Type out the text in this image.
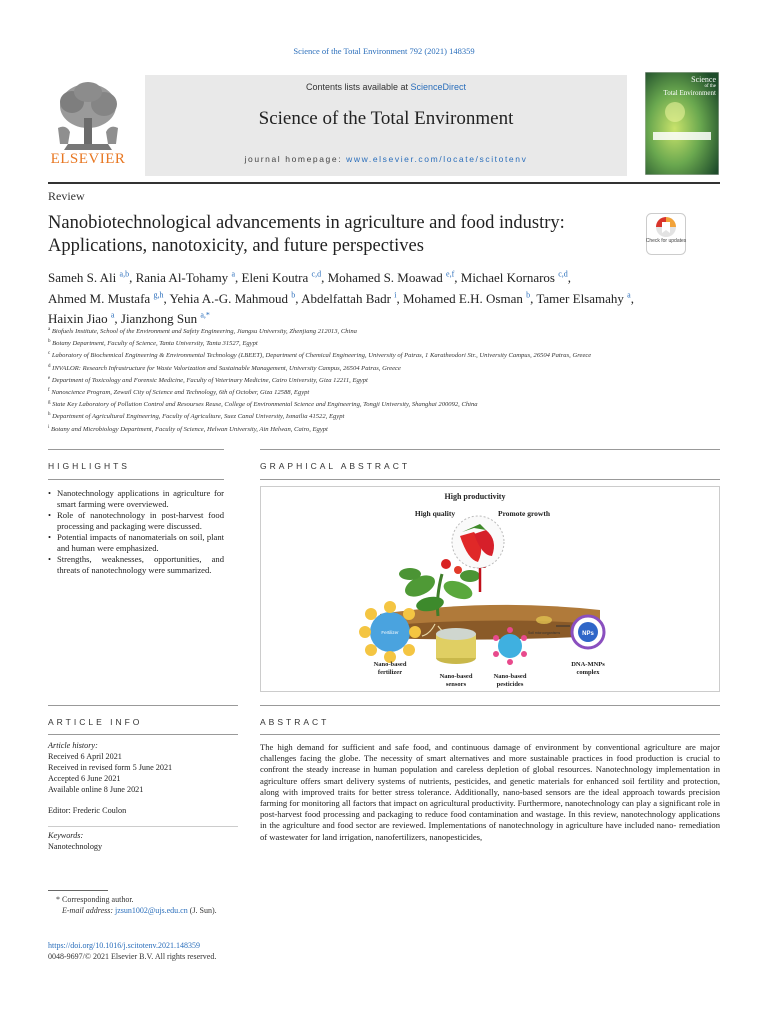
Science of the Total Environment 792 (2021) 148359
Contents lists available at ScienceDirect
Science of the Total Environment
journal homepage: www.elsevier.com/locate/scitotenv
ELSEVIER
Science
of the
Total Environment
Review
Nanobiotechnological advancements in agriculture and food industry:
Applications, nanotoxicity, and future perspectives	Check for updates
Sameh S. Ali $^{a,b}$, Rania Al-Tohamy $^a$, Eleni Koutra $^{c,d}$, Mohamed S. Moawad $^{e,f}$, Michael Kornaros $^{c,d}$,
Ahmed M. Mustafa $^{g,h}$, Yehia A.-G. Mahmoud $^b$, Abdelfattah Badr $^i$, Mohamed E.H. Osman $^b$, Tamer Elsamahy $^a$,
Haixin Jiao $^a$, Jianzhong Sun $^{a,*}$
$^a$ Biofuels Institute, School of the Environment and Safety Engineering, Jiangsu University, Zhenjiang 212013, China
$^b$ Botany Department, Faculty of Science, Tanta University, Tanta 31527, Egypt
$^c$ Laboratory of Biochemical Engineering & Environmental Technology (LBEET), Department of Chemical Engineering, University of Patras, 1 Karatheodori Str., University Campus, 26504 Patras, Greece
$^d$ INVALOR: Research Infrastructure for Waste Valorization and Sustainable Management, University Campus, 26504 Patras, Greece
$^e$ Department of Toxicology and Forensic Medicine, Faculty of Veterinary Medicine, Cairo University, Giza 12211, Egypt
$^f$ Nanoscience Program, Zewail City of Science and Technology, 6th of October, Giza 12588, Egypt
$^g$ State Key Laboratory of Pollution Control and Resourses Reuse, College of Environmental Science and Engineering, Tongji University, Shanghai 200092, China
$^h$ Department of Agricultural Engineering, Faculty of Agriculture, Suez Canal University, Ismailia 41522, Egypt
$^i$ Botany and Microbiology Department, Faculty of Science, Helwan University, Ain Helwan, Cairo, Egypt
HIGHLIGHTS
• Nanotechnology applications in agriculture for smart farming were overviewed.
• Role of nanotechnology in post-harvest food processing and packaging were discussed.
• Potential impacts of nanomaterials on soil, plant and human were emphasized.
• Strengths, weaknesses, opportunities, and threats of nanotechnology were summarized.
GRAPHICAL ABSTRACT
High productivity
High quality	Promote growth
Fertilizer	Soil microorganisms	NPs
Nano-based
fertilizer
Nano-based
sensors
Nano-based
pesticides
DNA-MNPs
complex
ARTICLE INFO
Article history:
Received 6 April 2021
Received in revised form 5 June 2021
Accepted 6 June 2021
Available online 8 June 2021
Editor: Frederic Coulon
Keywords:
Nanotechnology
ABSTRACT
The high demand for sufficient and safe food, and continuous damage of environment by conventional agriculture are major challenges facing the globe. The necessity of smart alternatives and more sustainable practices in food production is crucial to confront the steady increase in human population and careless depletion of global resources. Nanotechnology implementation in agriculture offers smart delivery systems of nutrients, pesticides, and genetic materials for enhanced soil fertility and protection, along with improved traits for better stress tolerance. Additionally, nano-based sensors are the ideal approach towards precision farming for monitoring all factors that impact on agricultural productivity. Furthermore, nanotechnology can play a significant role in post-harvest food processing and packaging to reduce food contamination and wastage. In this review, nanotechnology applications in the agriculture and food sector are reviewed. Implementations of nanotechnology in agriculture have included nano- remediation of wastewater for land irrigation, nanofertilizers, nanopesticides,
* Corresponding author.
E-mail address: jzsun1002@ujs.edu.cn (J. Sun).
https://doi.org/10.1016/j.scitotenv.2021.148359
0048-9697/© 2021 Elsevier B.V. All rights reserved.
